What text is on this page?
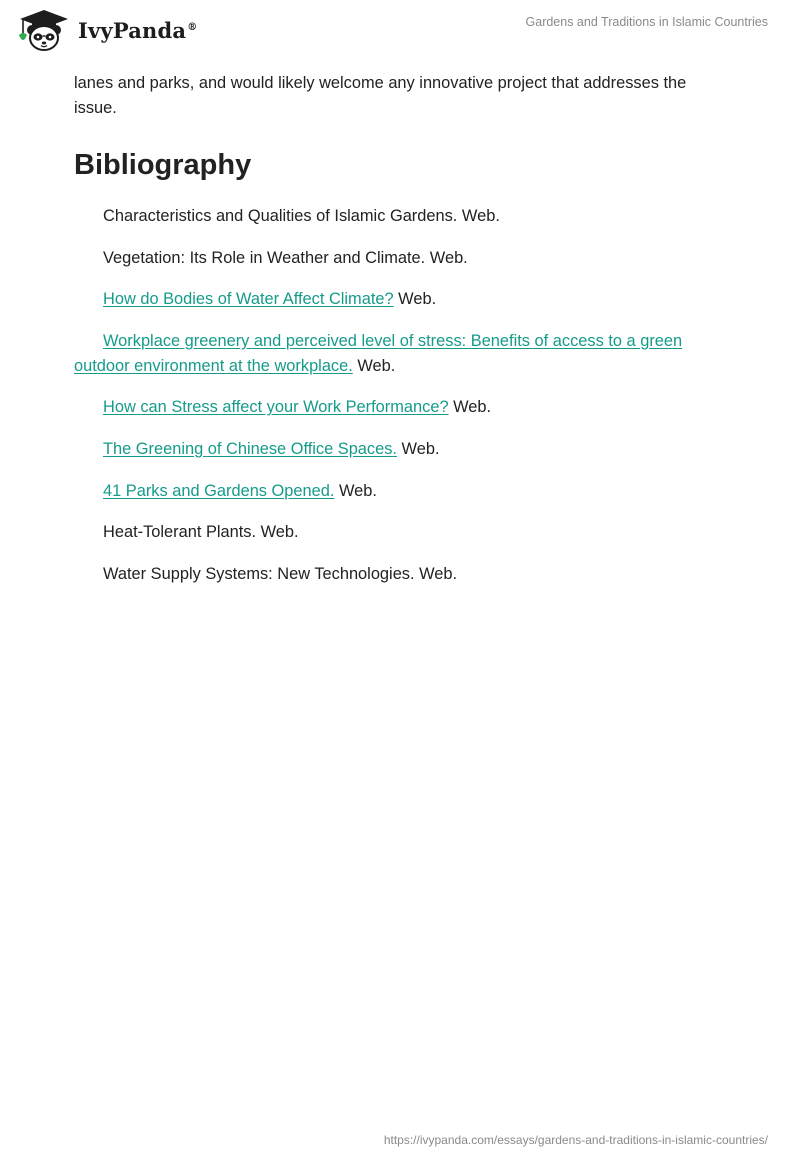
IvyPanda®	Gardens and Traditions in Islamic Countries

lanes and parks, and would likely welcome any innovative project that addresses the issue.

Bibliography
Characteristics and Qualities of Islamic Gardens. Web.
Vegetation: Its Role in Weather and Climate. Web.
How do Bodies of Water Affect Climate? Web.
Workplace greenery and perceived level of stress: Benefits of access to a green outdoor environment at the workplace. Web.
How can Stress affect your Work Performance? Web.
The Greening of Chinese Office Spaces. Web.
41 Parks and Gardens Opened. Web.
Heat-Tolerant Plants. Web.
Water Supply Systems: New Technologies. Web.
https://ivypanda.com/essays/gardens-and-traditions-in-islamic-countries/
